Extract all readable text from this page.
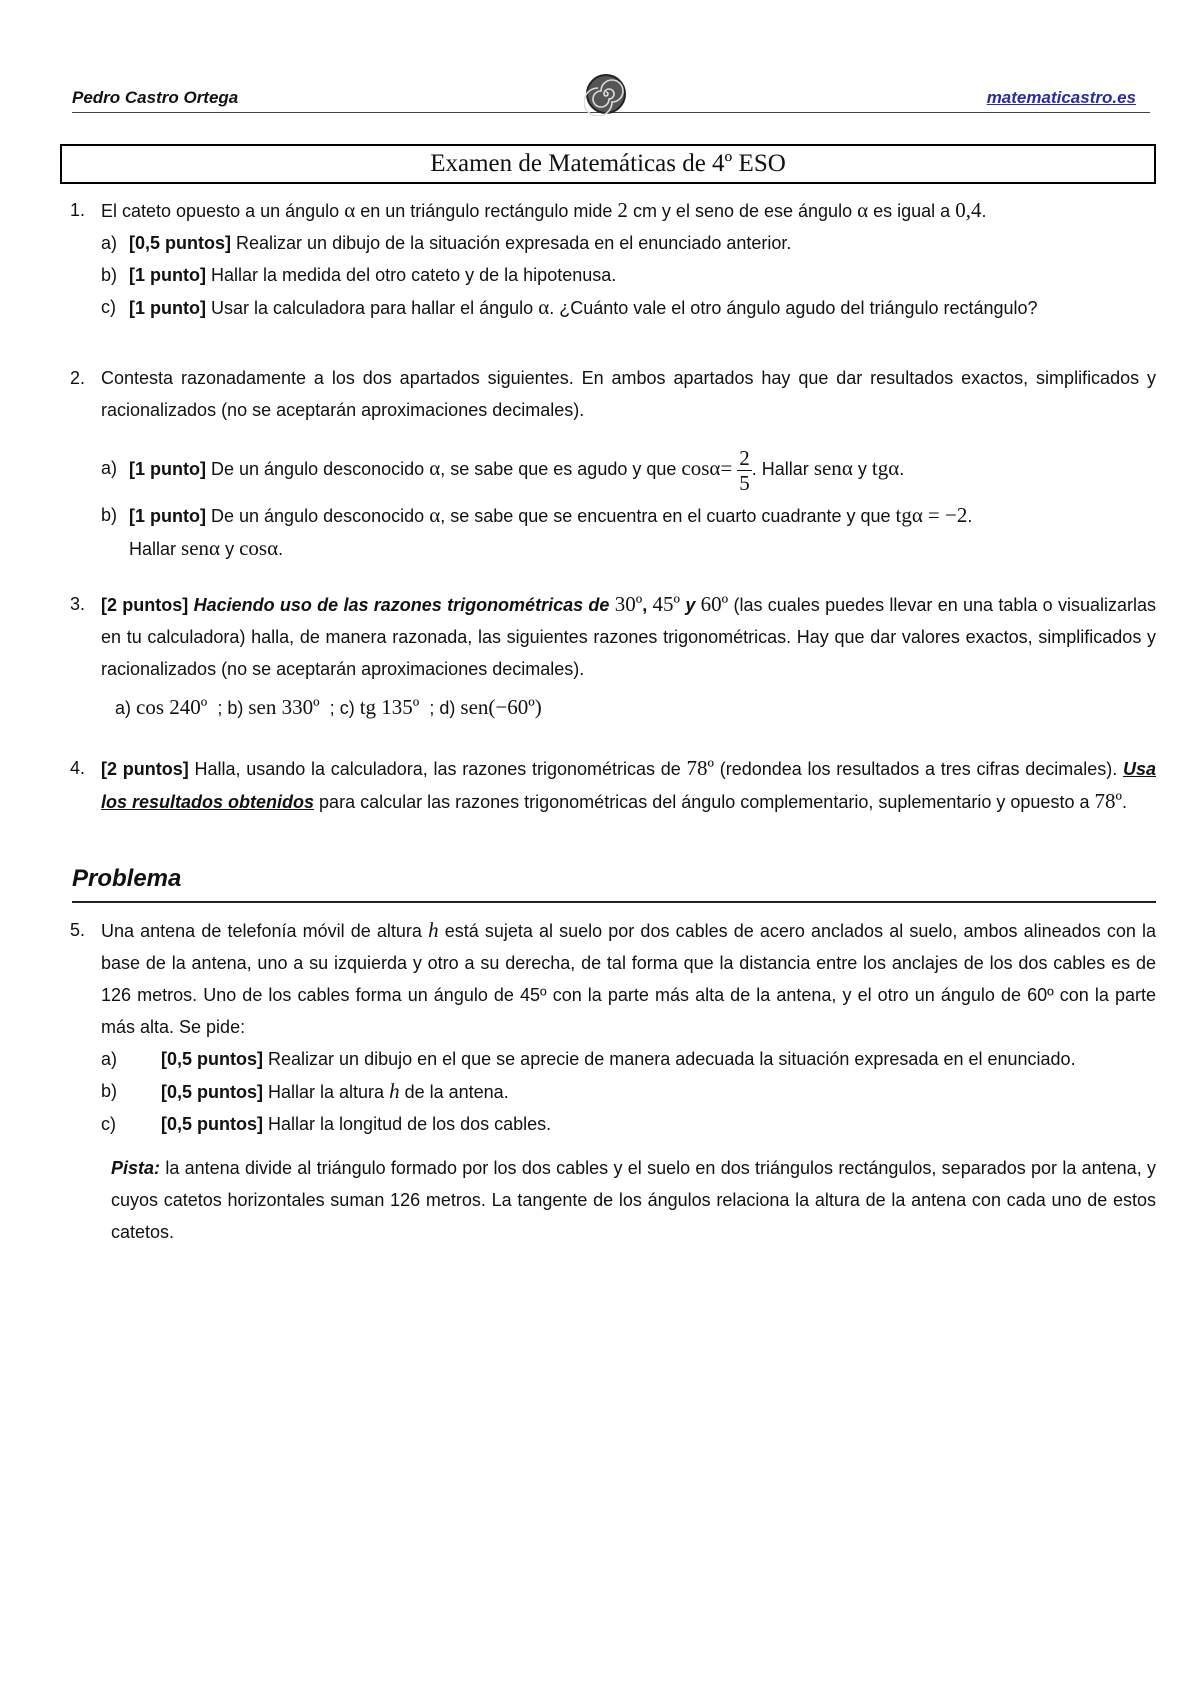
Pedro Castro Ortega	matematicastro.es
Examen de Matemáticas de 4º ESO
1. El cateto opuesto a un ángulo α en un triángulo rectángulo mide 2 cm y el seno de ese ángulo α es igual a 0,4.
a) [0,5 puntos] Realizar un dibujo de la situación expresada en el enunciado anterior.
b) [1 punto] Hallar la medida del otro cateto y de la hipotenusa.
c) [1 punto] Usar la calculadora para hallar el ángulo α. ¿Cuánto vale el otro ángulo agudo del triángulo rectángulo?
2. Contesta razonadamente a los dos apartados siguientes. En ambos apartados hay que dar resultados exactos, simplificados y racionalizados (no se aceptarán aproximaciones decimales).
a) [1 punto] De un ángulo desconocido α, se sabe que es agudo y que $\cos\alpha= \frac{2}{5}$ . Hallar senα y tgα.
b) [1 punto] De un ángulo desconocido α, se sabe que se encuentra en el cuarto cuadrante y que tgα = −2.
Hallar senα y cosα.
3. [2 puntos] Haciendo uso de las razones trigonométricas de 30º, 45º y 60º (las cuales puedes llevar en una tabla o visualizarlas en tu calculadora) halla, de manera razonada, las siguientes razones trigonométricas. Hay que dar valores exactos, simplificados y racionalizados (no se aceptarán aproximaciones decimales).
a) cos 240º ; b) sen 330º ; c) tg 135º ; d) sen(−60º)
4. [2 puntos] Halla, usando la calculadora, las razones trigonométricas de 78º (redondea los resultados a tres cifras decimales). Usa los resultados obtenidos para calcular las razones trigonométricas del ángulo complementario, suplementario y opuesto a 78º.
Problema
5. Una antena de telefonía móvil de altura h está sujeta al suelo por dos cables de acero anclados al suelo, ambos alineados con la base de la antena, uno a su izquierda y otro a su derecha, de tal forma que la distancia entre los anclajes de los dos cables es de 126 metros. Uno de los cables forma un ángulo de 45º con la parte más alta de la antena, y el otro un ángulo de 60º con la parte más alta. Se pide:
a) [0,5 puntos] Realizar un dibujo en el que se aprecie de manera adecuada la situación expresada en el enunciado.
b) [0,5 puntos] Hallar la altura h de la antena.
c)	[0,5 puntos] Hallar la longitud de los dos cables.
Pista: la antena divide al triángulo formado por los dos cables y el suelo en dos triángulos rectángulos, separados por la antena, y cuyos catetos horizontales suman 126 metros. La tangente de los ángulos relaciona la altura de la antena con cada uno de estos catetos.
